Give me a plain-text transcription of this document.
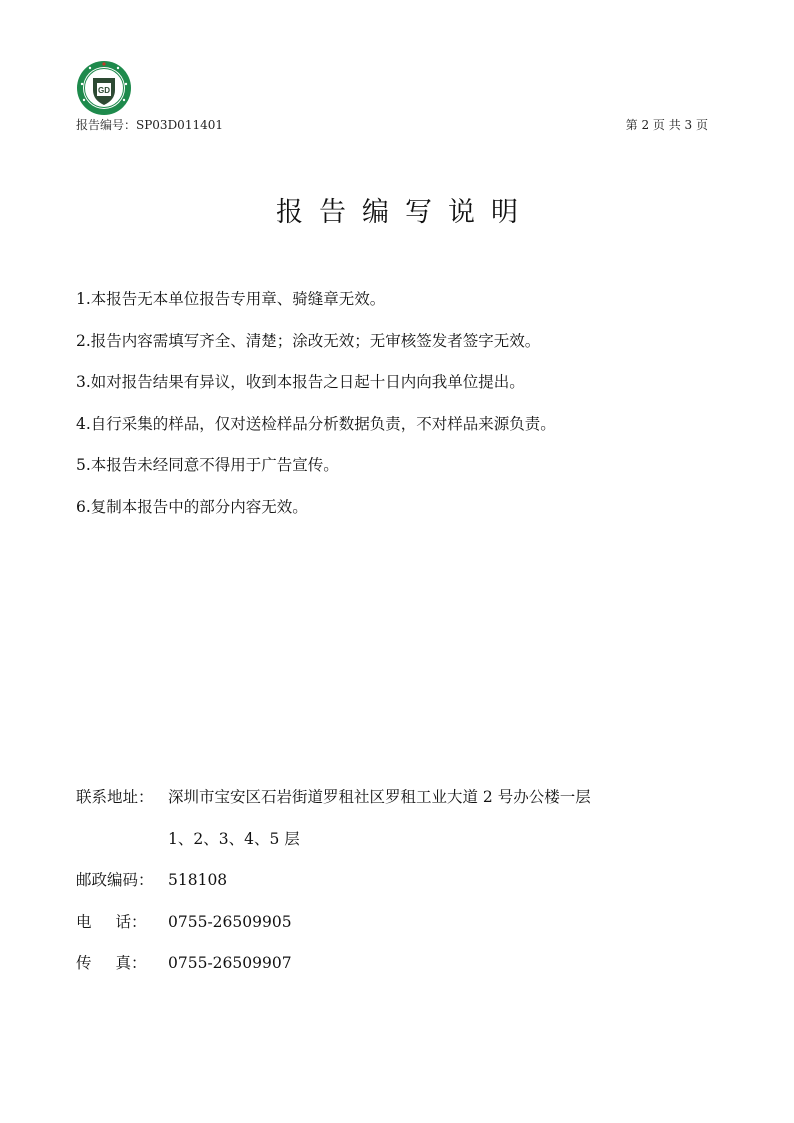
GD
报告编号：SP03D011401	第 2 页 共 3 页
报告编写说明
1.本报告无本单位报告专用章、骑缝章无效。
2.报告内容需填写齐全、清楚；涂改无效；无审核签发者签字无效。
3.如对报告结果有异议，收到本报告之日起十日内向我单位提出。
4.自行采集的样品，仅对送检样品分析数据负责，不对样品来源负责。
5.本报告未经同意不得用于广告宣传。
6.复制本报告中的部分内容无效。
联系地址： 深圳市宝安区石岩街道罗租社区罗租工业大道 2 号办公楼一层
1、2、3、4、5 层
邮政编码： 518108
电话： 0755-26509905
传真： 0755-26509907
